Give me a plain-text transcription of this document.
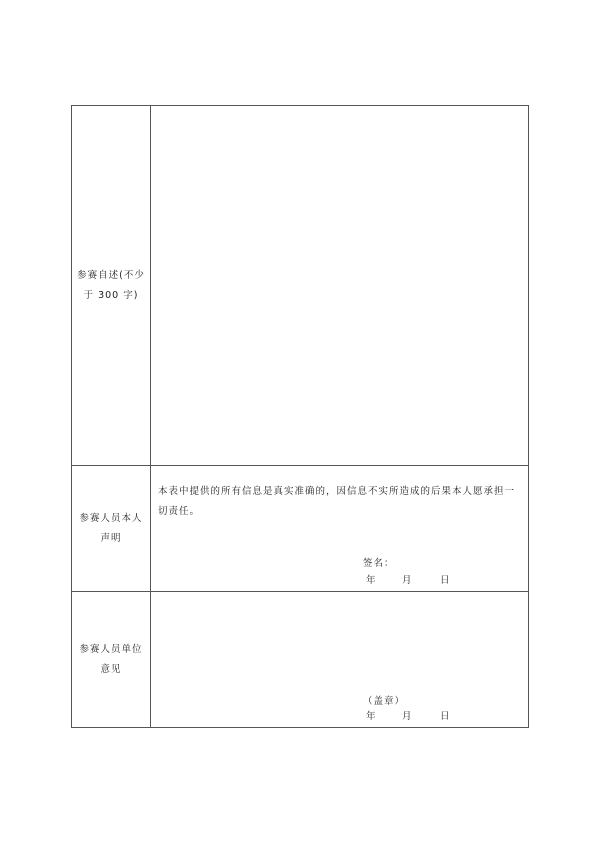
参赛自述(不少
于 300 字)	

参赛人员本人
声明	本表中提供的所有信息是真实准确的，因信息不实所造成的后果本人愿承担一切责任。

签名：
年 月 日

参赛人员单位
意见	（盖章）
年 月 日
